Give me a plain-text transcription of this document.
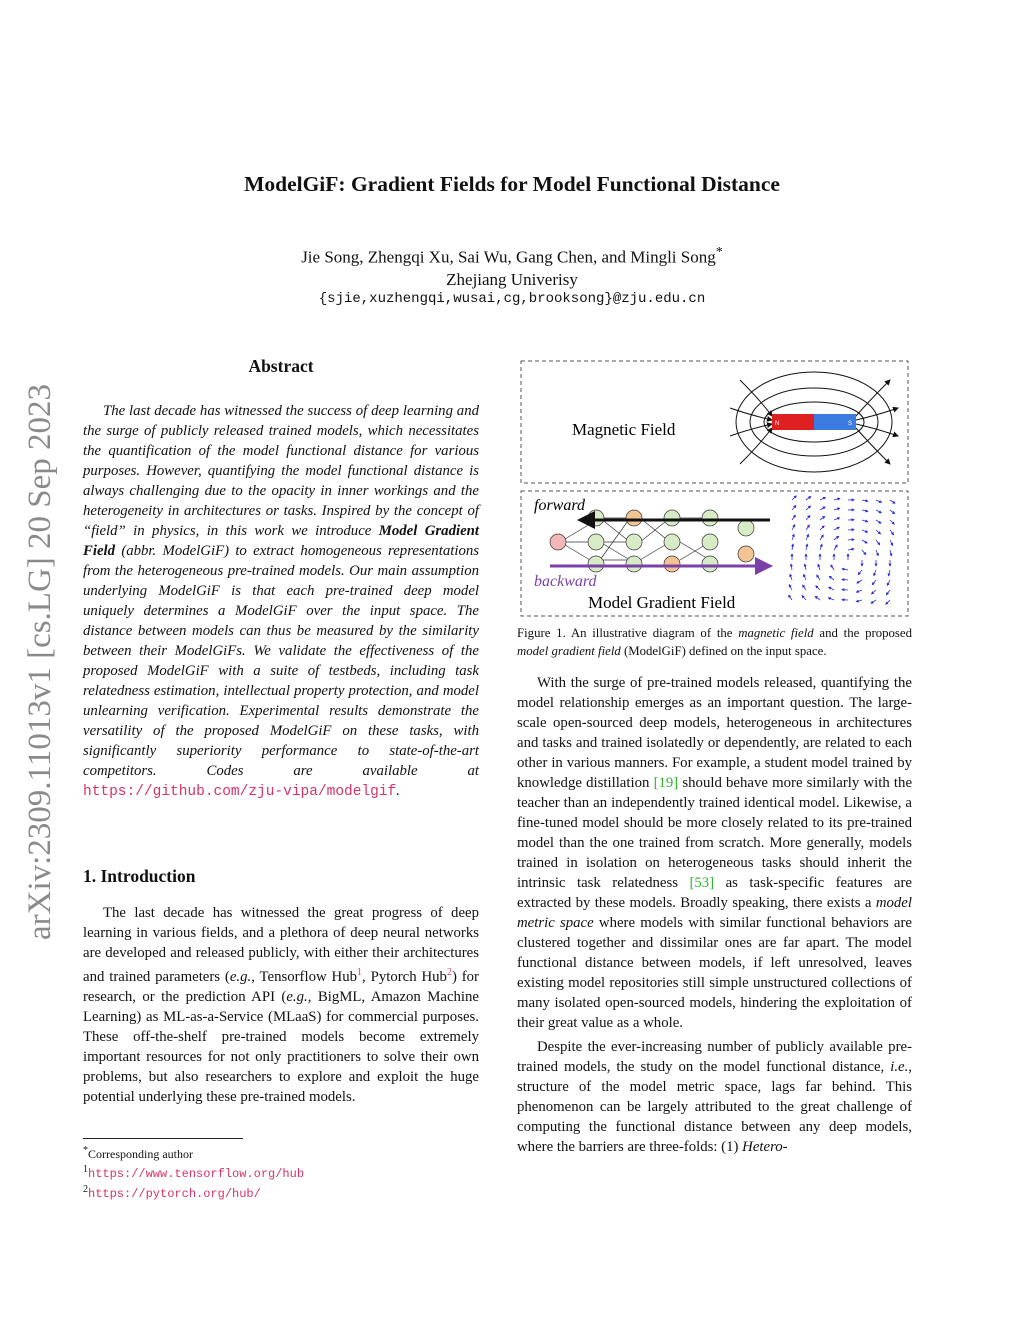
ModelGiF: Gradient Fields for Model Functional Distance
Jie Song, Zhengqi Xu, Sai Wu, Gang Chen, and Mingli Song*
Zhejiang Univerisy
{sjie,xuzhengqi,wusai,cg,brooksong}@zju.edu.cn
arXiv:2309.11013v1 [cs.LG] 20 Sep 2023
Abstract
The last decade has witnessed the success of deep learning and the surge of publicly released trained models, which necessitates the quantification of the model functional distance for various purposes. However, quantifying the model functional distance is always challenging due to the opacity in inner workings and the heterogeneity in architectures or tasks. Inspired by the concept of “field” in physics, in this work we introduce Model Gradient Field (abbr. ModelGiF) to extract homogeneous representations from the heterogeneous pre-trained models. Our main assumption underlying ModelGiF is that each pre-trained deep model uniquely determines a ModelGiF over the input space. The distance between models can thus be measured by the similarity between their ModelGiFs. We validate the effectiveness of the proposed ModelGiF with a suite of testbeds, including task relatedness estimation, intellectual property protection, and model unlearning verification. Experimental results demonstrate the versatility of the proposed ModelGiF on these tasks, with significantly superiority performance to state-of-the-art competitors. Codes are available at https://github.com/zju-vipa/modelgif.
1. Introduction
The last decade has witnessed the great progress of deep learning in various fields, and a plethora of deep neural networks are developed and released publicly, with either their architectures and trained parameters (e.g., Tensorflow Hub$^1$, Pytorch Hub$^2$) for research, or the prediction API (e.g., BigML, Amazon Machine Learning) as ML-as-a-Service (MLaaS) for commercial purposes. These off-the-shelf pre-trained models become extremely important resources for not only practitioners to solve their own problems, but also researchers to explore and exploit the huge potential underlying these pre-trained models.
*Corresponding author
$^1$https://www.tensorflow.org/hub
$^2$https://pytorch.org/hub/
Magnetic Field	N	S
forward
backward
Model Gradient Field
Figure 1. An illustrative diagram of the magnetic field and the proposed model gradient field (ModelGiF) defined on the input space.

With the surge of pre-trained models released, quantifying the model relationship emerges as an important question. The large-scale open-sourced deep models, heterogeneous in architectures and tasks and trained isolatedly or dependently, are related to each other in various manners. For example, a student model trained by knowledge distillation [19] should behave more similarly with the teacher than an independently trained identical model. Likewise, a fine-tuned model should be more closely related to its pre-trained model than the one trained from scratch. More generally, models trained in isolation on heterogeneous tasks should inherit the intrinsic task relatedness [53] as task-specific features are extracted by these models. Broadly speaking, there exists a model metric space where models with similar functional behaviors are clustered together and dissimilar ones are far apart. The model functional distance between models, if left unresolved, leaves existing model repositories still simple unstructured collections of many isolated open-sourced models, hindering the exploitation of their great value as a whole.

Despite the ever-increasing number of publicly available pre-trained models, the study on the model functional distance, i.e., structure of the model metric space, lags far behind. This phenomenon can be largely attributed to the great challenge of computing the functional distance between any deep models, where the barriers are three-folds: (1) Hetero-
